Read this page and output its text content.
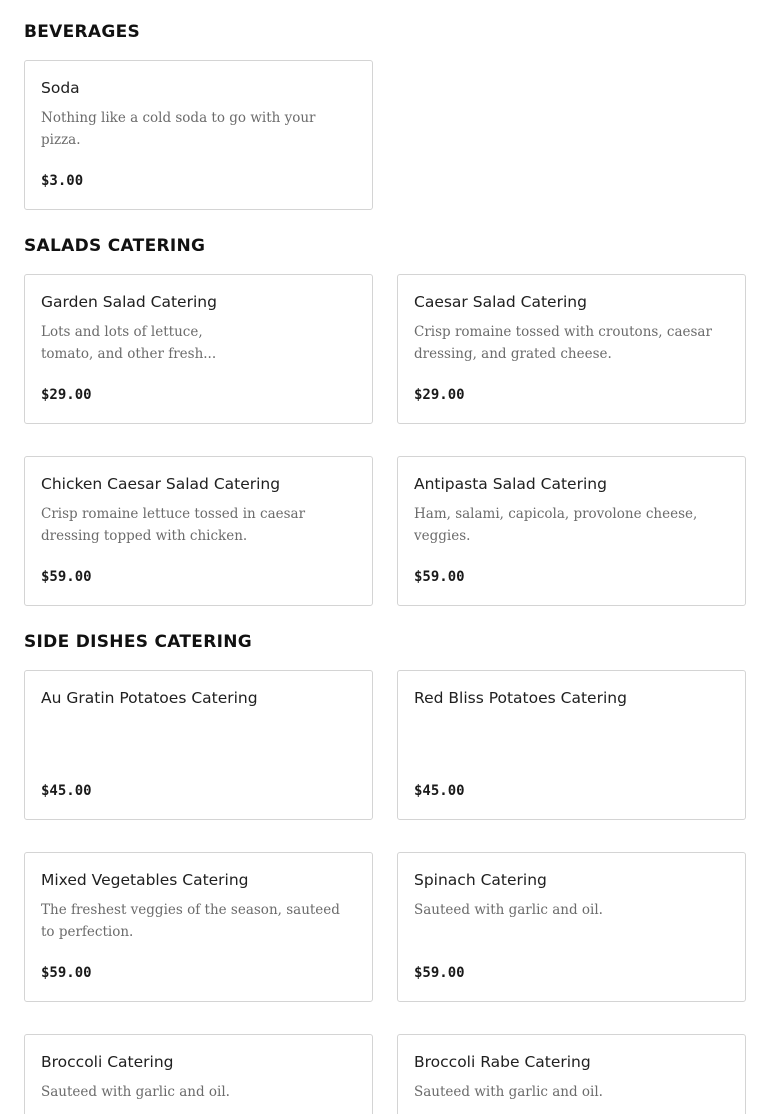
BEVERAGES
Soda
Nothing like a cold soda to go with your pizza.
$3.00
SALADS CATERING
Garden Salad Catering
Lots and lots of lettuce, tomato, and other fresh...
$29.00
Caesar Salad Catering
Crisp romaine tossed with croutons, caesar dressing, and grated cheese.
$29.00
Chicken Caesar Salad Catering
Crisp romaine lettuce tossed in caesar dressing topped with chicken.
$59.00
Antipasta Salad Catering
Ham, salami, capicola, provolone cheese, veggies.
$59.00
SIDE DISHES CATERING
Au Gratin Potatoes Catering
$45.00
Red Bliss Potatoes Catering
$45.00
Mixed Vegetables Catering
The freshest veggies of the season, sauteed to perfection.
$59.00
Spinach Catering
Sauteed with garlic and oil.
$59.00
Broccoli Catering
Sauteed with garlic and oil.
Broccoli Rabe Catering
Sauteed with garlic and oil.
